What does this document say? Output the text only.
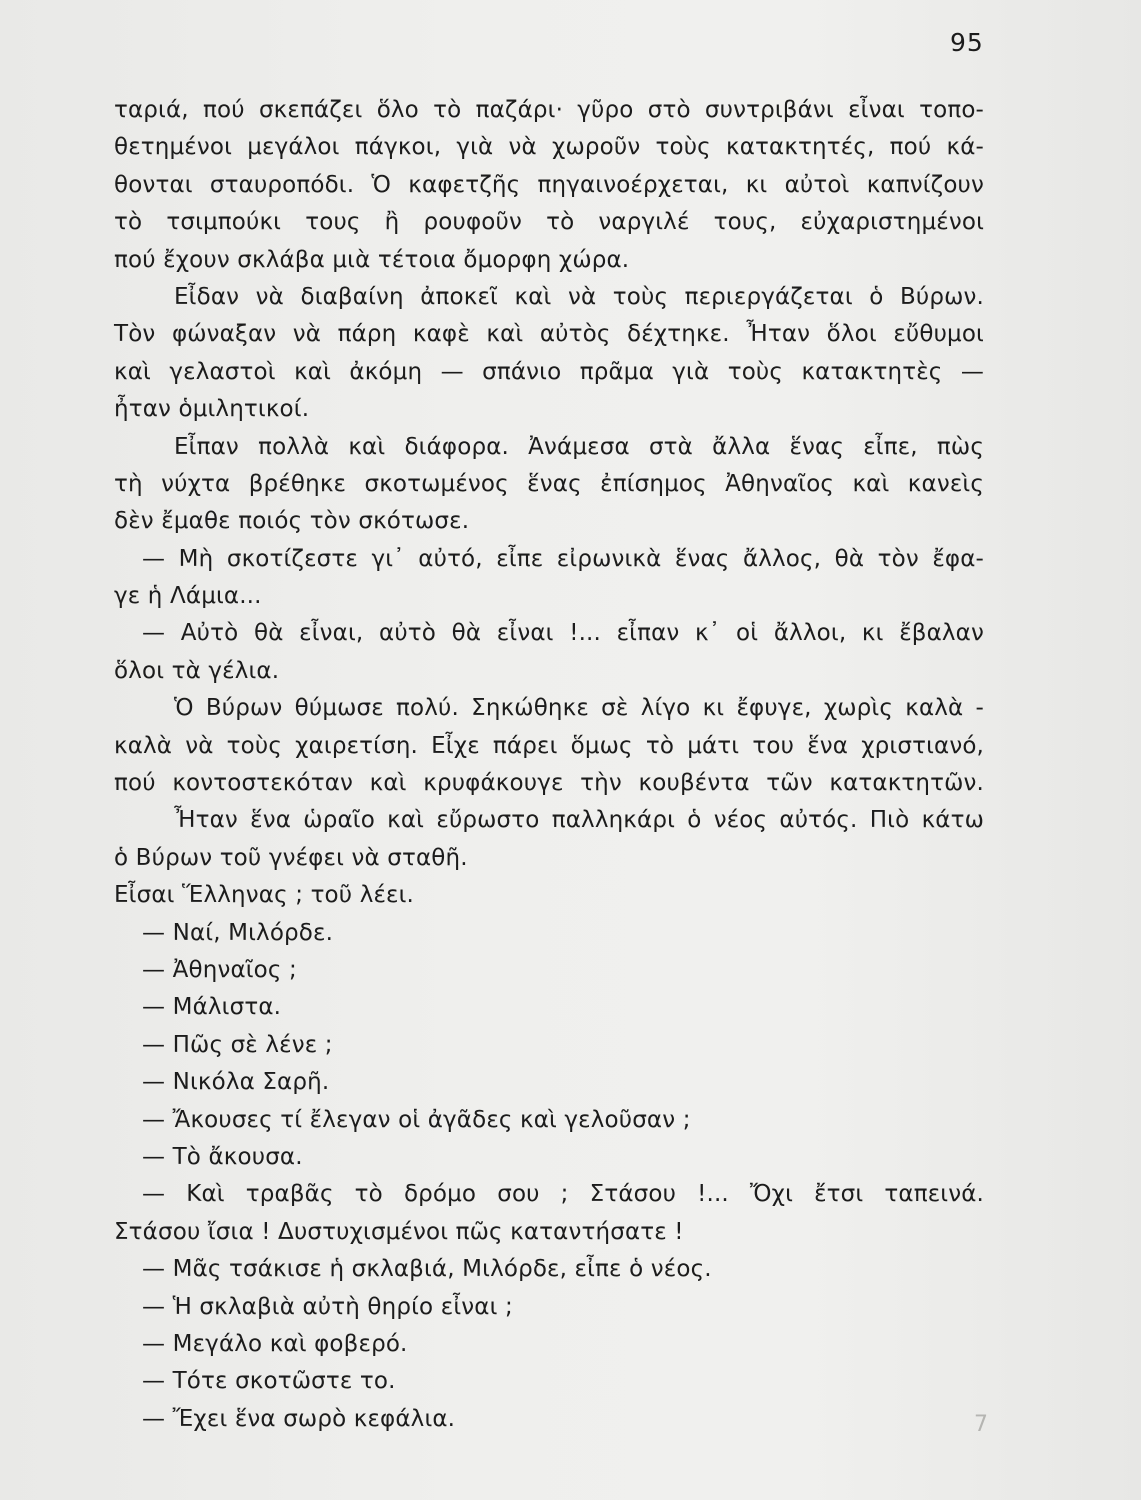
95
ταριά, πού σκεπάζει ὅλο τὸ παζάρι· γῦρο στὸ συντριβάνι εἶναι τοπο-
θετημένοι μεγάλοι πάγκοι, γιὰ νὰ χωροῦν τοὺς κατακτητές, πού κά-
θονται σταυροπόδι. Ὁ καφετζῆς πηγαινοέρχεται, κι αὐτοὶ καπνίζουν
τὸ τσιμπούκι τους ἢ ρουφοῦν τὸ ναργιλέ τους, εὐχαριστημένοι
πού ἔχουν σκλάβα μιὰ τέτοια ὄμορφη χώρα.
Εἶδαν νὰ διαβαίνη ἀποκεῖ καὶ νὰ τοὺς περιεργάζεται ὁ Βύρων.
Τὸν φώναξαν νὰ πάρη καφὲ καὶ αὐτὸς δέχτηκε. Ἦταν ὅλοι εὔθυμοι
καὶ γελαστοὶ καὶ ἀκόμη — σπάνιο πρᾶμα γιὰ τοὺς κατακτητὲς —
ἦταν ὁμιλητικοί.
Εἶπαν πολλὰ καὶ διάφορα. Ἀνάμεσα στὰ ἄλλα ἕνας εἶπε, πὼς
τὴ νύχτα βρέθηκε σκοτωμένος ἕνας ἐπίσημος Ἀθηναῖος καὶ κανεὶς
δὲν ἔμαθε ποιός τὸν σκότωσε.
— Μὴ σκοτίζεστε γι᾽ αὐτό, εἶπε εἰρωνικὰ ἕνας ἄλλος, θὰ τὸν ἔφα-
γε ἡ Λάμια...
— Αὐτὸ θὰ εἶναι, αὐτὸ θὰ εἶναι !... εἶπαν κ᾽ οἱ ἄλλοι, κι ἔβαλαν
ὅλοι τὰ γέλια.
Ὁ Βύρων θύμωσε πολύ. Σηκώθηκε σὲ λίγο κι ἔφυγε, χωρὶς καλὰ -
καλὰ νὰ τοὺς χαιρετίση. Εἶχε πάρει ὅμως τὸ μάτι του ἕνα χριστιανό,
πού κοντοστεκόταν καὶ κρυφάκουγε τὴν κουβέντα τῶν κατακτητῶν.
Ἦταν ἕνα ὡραῖο καὶ εὔρωστο παλληκάρι ὁ νέος αὐτός. Πιὸ κάτω
ὁ Βύρων τοῦ γνέφει νὰ σταθῆ.
Εἶσαι Ἕλληνας ; τοῦ λέει.
— Ναί, Μιλόρδε.
— Ἀθηναῖος ;
— Μάλιστα.
— Πῶς σὲ λένε ;
— Νικόλα Σαρῆ.
— Ἄκουσες τί ἔλεγαν οἱ ἀγᾶδες καὶ γελοῦσαν ;
— Τὸ ἄκουσα.
— Καὶ τραβᾶς τὸ δρόμο σου ; Στάσου !... Ὄχι ἔτσι ταπεινά.
Στάσου ἴσια ! Δυστυχισμένοι πῶς καταντήσατε !
— Μᾶς τσάκισε ἡ σκλαβιά, Μιλόρδε, εἶπε ὁ νέος.
— Ἡ σκλαβιὰ αὐτὴ θηρίο εἶναι ;
— Μεγάλο καὶ φοβερό.
— Τότε σκοτῶστε το.
— Ἔχει ἕνα σωρὸ κεφάλια.	7
